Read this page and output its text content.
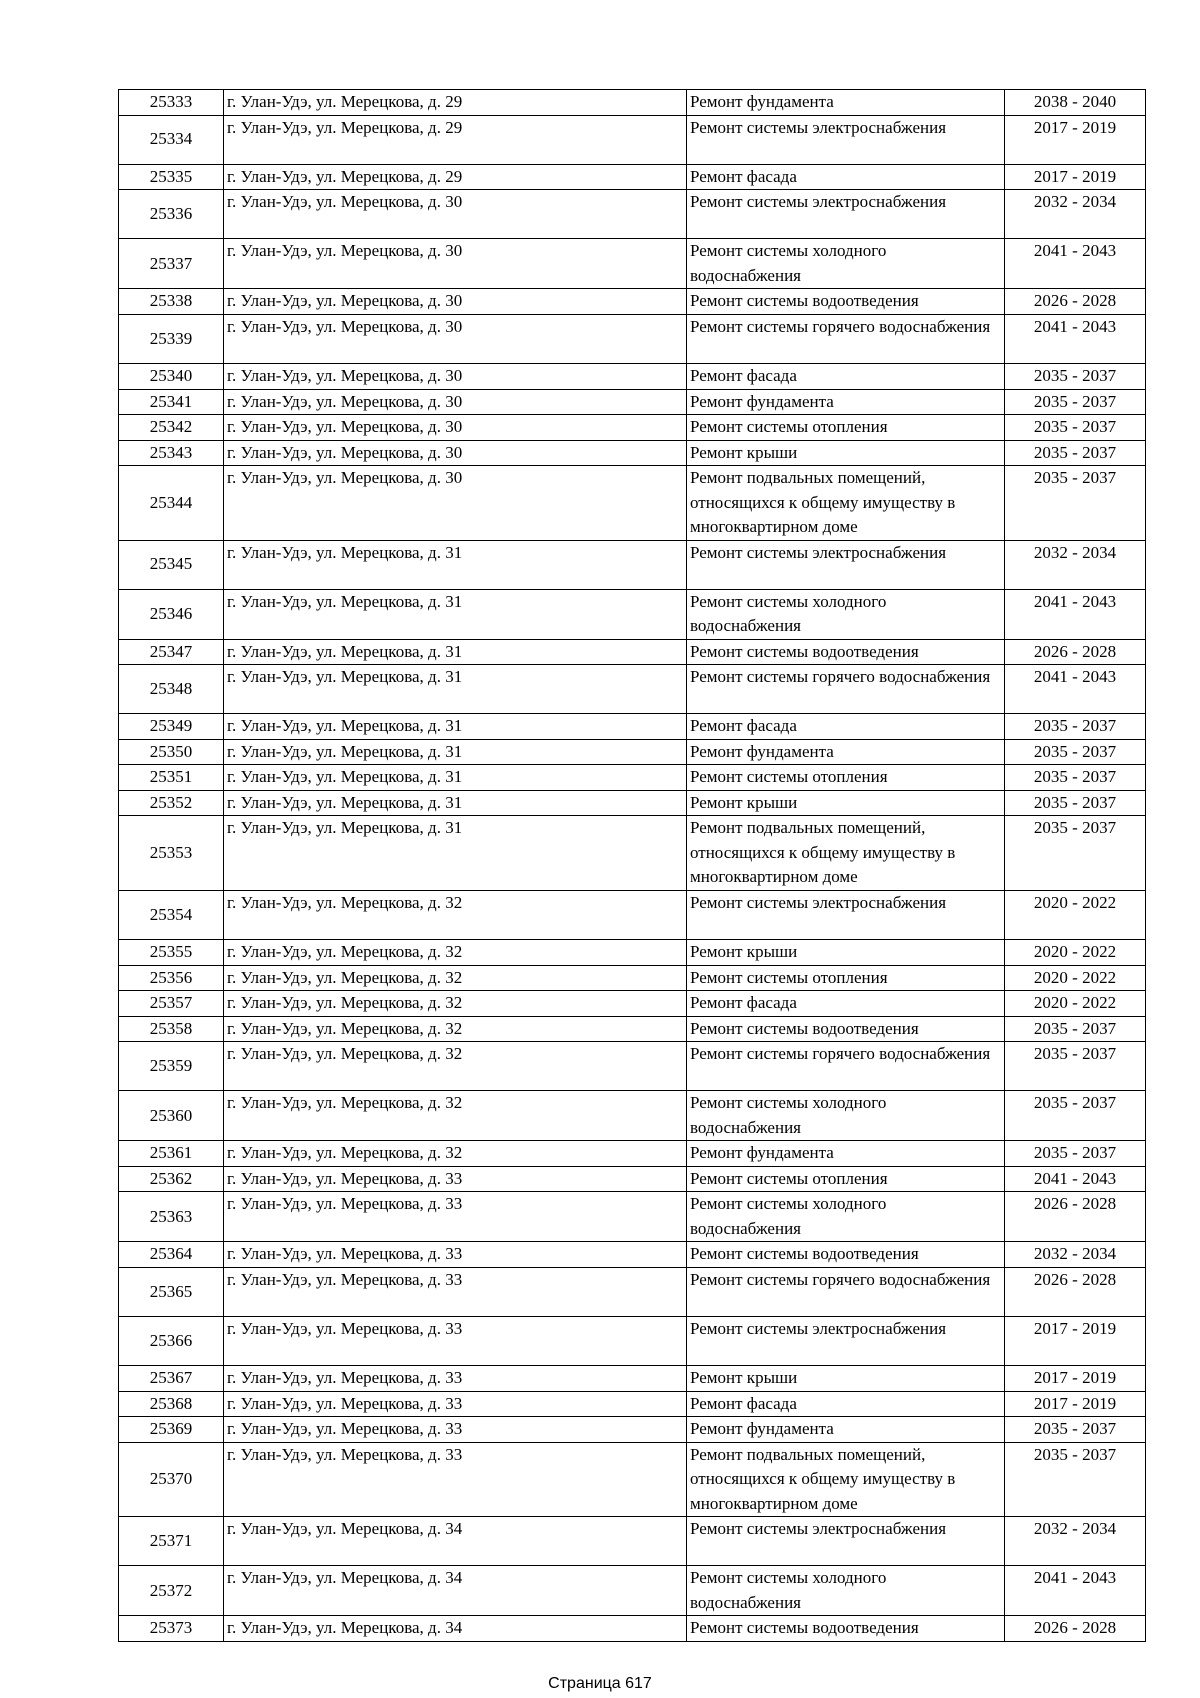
25333	г. Улан-Удэ, ул. Мерецкова, д. 29	Ремонт фундамента	2038 - 2040
25334	г. Улан-Удэ, ул. Мерецкова, д. 29	Ремонт системы электроснабжения	2017 - 2019
25335	г. Улан-Удэ, ул. Мерецкова, д. 29	Ремонт фасада	2017 - 2019
25336	г. Улан-Удэ, ул. Мерецкова, д. 30	Ремонт системы электроснабжения	2032 - 2034
25337	г. Улан-Удэ, ул. Мерецкова, д. 30	Ремонт системы холодного водоснабжения	2041 - 2043
25338	г. Улан-Удэ, ул. Мерецкова, д. 30	Ремонт системы водоотведения	2026 - 2028
25339	г. Улан-Удэ, ул. Мерецкова, д. 30	Ремонт системы горячего водоснабжения	2041 - 2043
25340	г. Улан-Удэ, ул. Мерецкова, д. 30	Ремонт фасада	2035 - 2037
25341	г. Улан-Удэ, ул. Мерецкова, д. 30	Ремонт фундамента	2035 - 2037
25342	г. Улан-Удэ, ул. Мерецкова, д. 30	Ремонт системы отопления	2035 - 2037
25343	г. Улан-Удэ, ул. Мерецкова, д. 30	Ремонт крыши	2035 - 2037
25344	г. Улан-Удэ, ул. Мерецкова, д. 30	Ремонт подвальных помещений, относящихся к общему имуществу в многоквартирном доме	2035 - 2037
25345	г. Улан-Удэ, ул. Мерецкова, д. 31	Ремонт системы электроснабжения	2032 - 2034
25346	г. Улан-Удэ, ул. Мерецкова, д. 31	Ремонт системы холодного водоснабжения	2041 - 2043
25347	г. Улан-Удэ, ул. Мерецкова, д. 31	Ремонт системы водоотведения	2026 - 2028
25348	г. Улан-Удэ, ул. Мерецкова, д. 31	Ремонт системы горячего водоснабжения	2041 - 2043
25349	г. Улан-Удэ, ул. Мерецкова, д. 31	Ремонт фасада	2035 - 2037
25350	г. Улан-Удэ, ул. Мерецкова, д. 31	Ремонт фундамента	2035 - 2037
25351	г. Улан-Удэ, ул. Мерецкова, д. 31	Ремонт системы отопления	2035 - 2037
25352	г. Улан-Удэ, ул. Мерецкова, д. 31	Ремонт крыши	2035 - 2037
25353	г. Улан-Удэ, ул. Мерецкова, д. 31	Ремонт подвальных помещений, относящихся к общему имуществу в многоквартирном доме	2035 - 2037
25354	г. Улан-Удэ, ул. Мерецкова, д. 32	Ремонт системы электроснабжения	2020 - 2022
25355	г. Улан-Удэ, ул. Мерецкова, д. 32	Ремонт крыши	2020 - 2022
25356	г. Улан-Удэ, ул. Мерецкова, д. 32	Ремонт системы отопления	2020 - 2022
25357	г. Улан-Удэ, ул. Мерецкова, д. 32	Ремонт фасада	2020 - 2022
25358	г. Улан-Удэ, ул. Мерецкова, д. 32	Ремонт системы водоотведения	2035 - 2037
25359	г. Улан-Удэ, ул. Мерецкова, д. 32	Ремонт системы горячего водоснабжения	2035 - 2037
25360	г. Улан-Удэ, ул. Мерецкова, д. 32	Ремонт системы холодного водоснабжения	2035 - 2037
25361	г. Улан-Удэ, ул. Мерецкова, д. 32	Ремонт фундамента	2035 - 2037
25362	г. Улан-Удэ, ул. Мерецкова, д. 33	Ремонт системы отопления	2041 - 2043
25363	г. Улан-Удэ, ул. Мерецкова, д. 33	Ремонт системы холодного водоснабжения	2026 - 2028
25364	г. Улан-Удэ, ул. Мерецкова, д. 33	Ремонт системы водоотведения	2032 - 2034
25365	г. Улан-Удэ, ул. Мерецкова, д. 33	Ремонт системы горячего водоснабжения	2026 - 2028
25366	г. Улан-Удэ, ул. Мерецкова, д. 33	Ремонт системы электроснабжения	2017 - 2019
25367	г. Улан-Удэ, ул. Мерецкова, д. 33	Ремонт крыши	2017 - 2019
25368	г. Улан-Удэ, ул. Мерецкова, д. 33	Ремонт фасада	2017 - 2019
25369	г. Улан-Удэ, ул. Мерецкова, д. 33	Ремонт фундамента	2035 - 2037
25370	г. Улан-Удэ, ул. Мерецкова, д. 33	Ремонт подвальных помещений, относящихся к общему имуществу в многоквартирном доме	2035 - 2037
25371	г. Улан-Удэ, ул. Мерецкова, д. 34	Ремонт системы электроснабжения	2032 - 2034
25372	г. Улан-Удэ, ул. Мерецкова, д. 34	Ремонт системы холодного водоснабжения	2041 - 2043
25373	г. Улан-Удэ, ул. Мерецкова, д. 34	Ремонт системы водоотведения	2026 - 2028
Страница 617
